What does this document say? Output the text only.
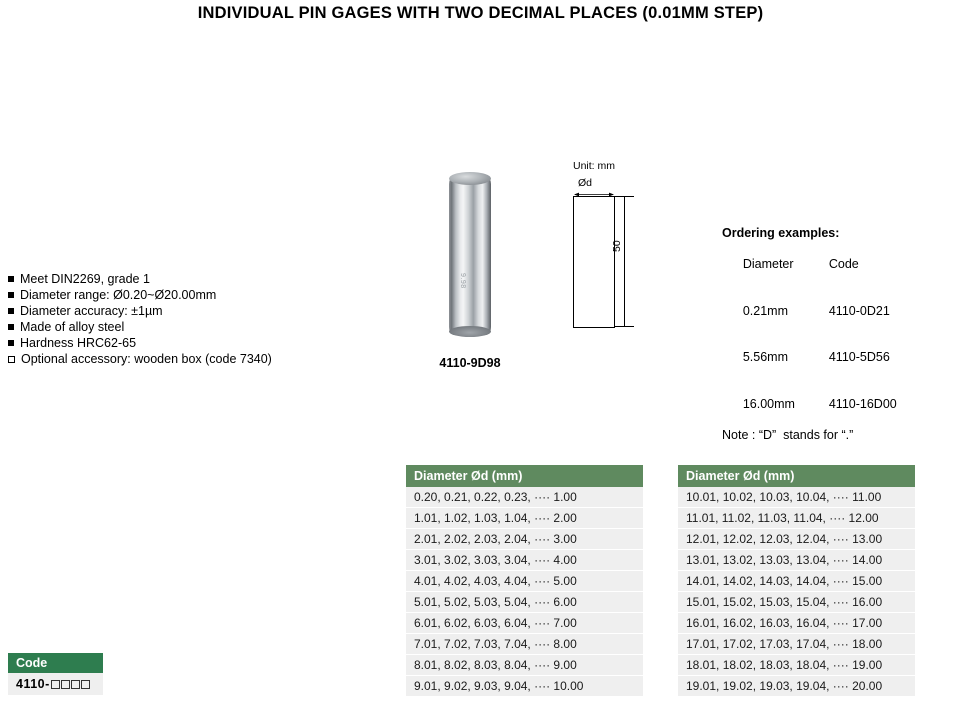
INDIVIDUAL PIN GAGES WITH TWO DECIMAL PLACES (0.01MM STEP)
Meet DIN2269, grade 1
Diameter range: Ø0.20~Ø20.00mm
Diameter accuracy: ±1µm
Made of alloy steel
Hardness HRC62-65
Optional accessory: wooden box (code 7340)
9.98
4110-9D98
Unit: mm
Ød
50
Ordering examples:

Diameter	Code

0.21mm	4110-0D21

5.56mm	4110-5D56

16.00mm	4110-16D00

Note : “D”  stands for “.”
Diameter Ød (mm)
0.20, 0.21, 0.22, 0.23, ···· 1.00
1.01, 1.02, 1.03, 1.04, ···· 2.00
2.01, 2.02, 2.03, 2.04, ···· 3.00
3.01, 3.02, 3.03, 3.04, ···· 4.00
4.01, 4.02, 4.03, 4.04, ···· 5.00
5.01, 5.02, 5.03, 5.04, ···· 6.00
6.01, 6.02, 6.03, 6.04, ···· 7.00
7.01, 7.02, 7.03, 7.04, ···· 8.00
8.01, 8.02, 8.03, 8.04, ···· 9.00
9.01, 9.02, 9.03, 9.04, ···· 10.00
Diameter Ød (mm)
10.01, 10.02, 10.03, 10.04, ···· 11.00
11.01, 11.02, 11.03, 11.04, ···· 12.00
12.01, 12.02, 12.03, 12.04, ···· 13.00
13.01, 13.02, 13.03, 13.04, ···· 14.00
14.01, 14.02, 14.03, 14.04, ···· 15.00
15.01, 15.02, 15.03, 15.04, ···· 16.00
16.01, 16.02, 16.03, 16.04, ···· 17.00
17.01, 17.02, 17.03, 17.04, ···· 18.00
18.01, 18.02, 18.03, 18.04, ···· 19.00
19.01, 19.02, 19.03, 19.04, ···· 20.00
Code
4110-
